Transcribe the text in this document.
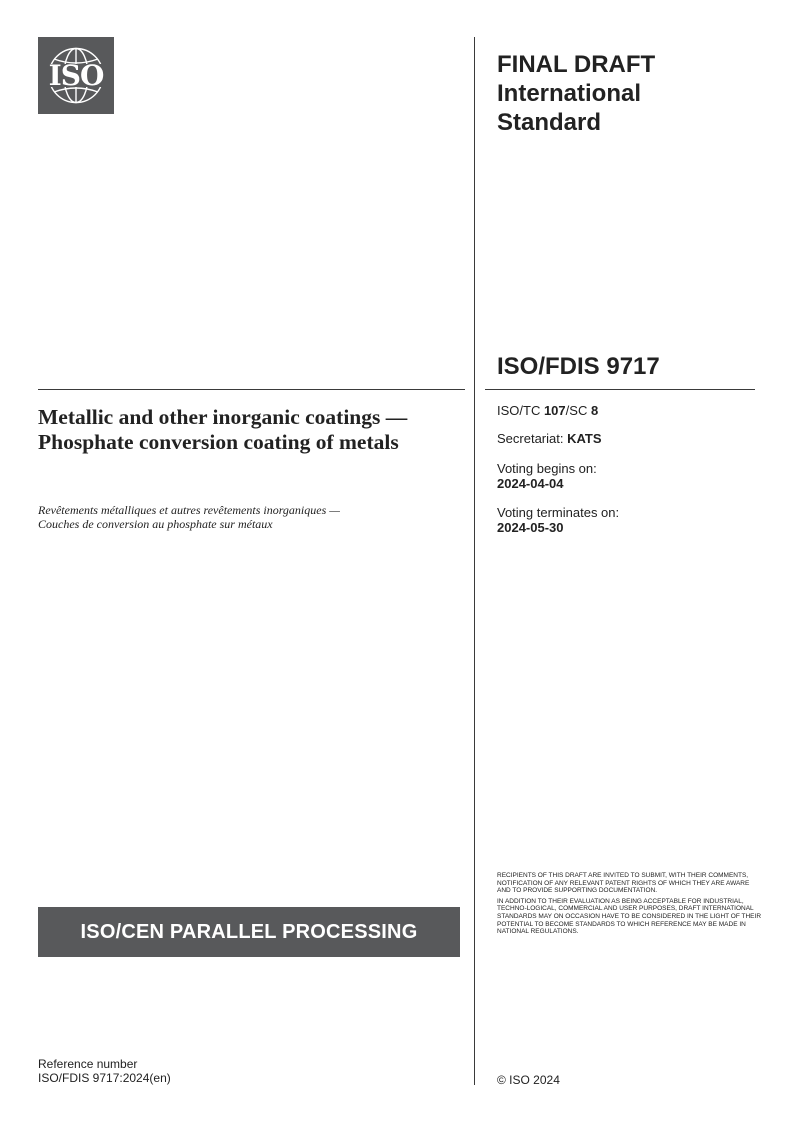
ISO	FINAL DRAFT
International
Standard
ISO/FDIS 9717
Metallic and other inorganic coatings — Phosphate conversion coating of metals
Revêtements métalliques et autres revêtements inorganiques —
Couches de conversion au phosphate sur métaux
ISO/TC 107/SC 8
Secretariat: KATS
Voting begins on:
2024-04-04
Voting terminates on:
2024-05-30

RECIPIENTS OF THIS DRAFT ARE INVITED TO SUBMIT, WITH THEIR COMMENTS, NOTIFICATION OF ANY RELEVANT PATENT RIGHTS OF WHICH THEY ARE AWARE AND TO PROVIDE SUPPORTING DOCUMENTATION.

IN ADDITION TO THEIR EVALUATION AS BEING ACCEPTABLE FOR INDUSTRIAL, TECHNO-LOGICAL, COMMERCIAL AND USER PURPOSES, DRAFT INTERNATIONAL STANDARDS MAY ON OCCASION HAVE TO BE CONSIDERED IN THE LIGHT OF THEIR POTENTIAL TO BECOME STANDARDS TO WHICH REFERENCE MAY BE MADE IN NATIONAL REGULATIONS.

ISO/CEN PARALLEL PROCESSING
Reference number
ISO/FDIS 9717:2024(en)	© ISO 2024
